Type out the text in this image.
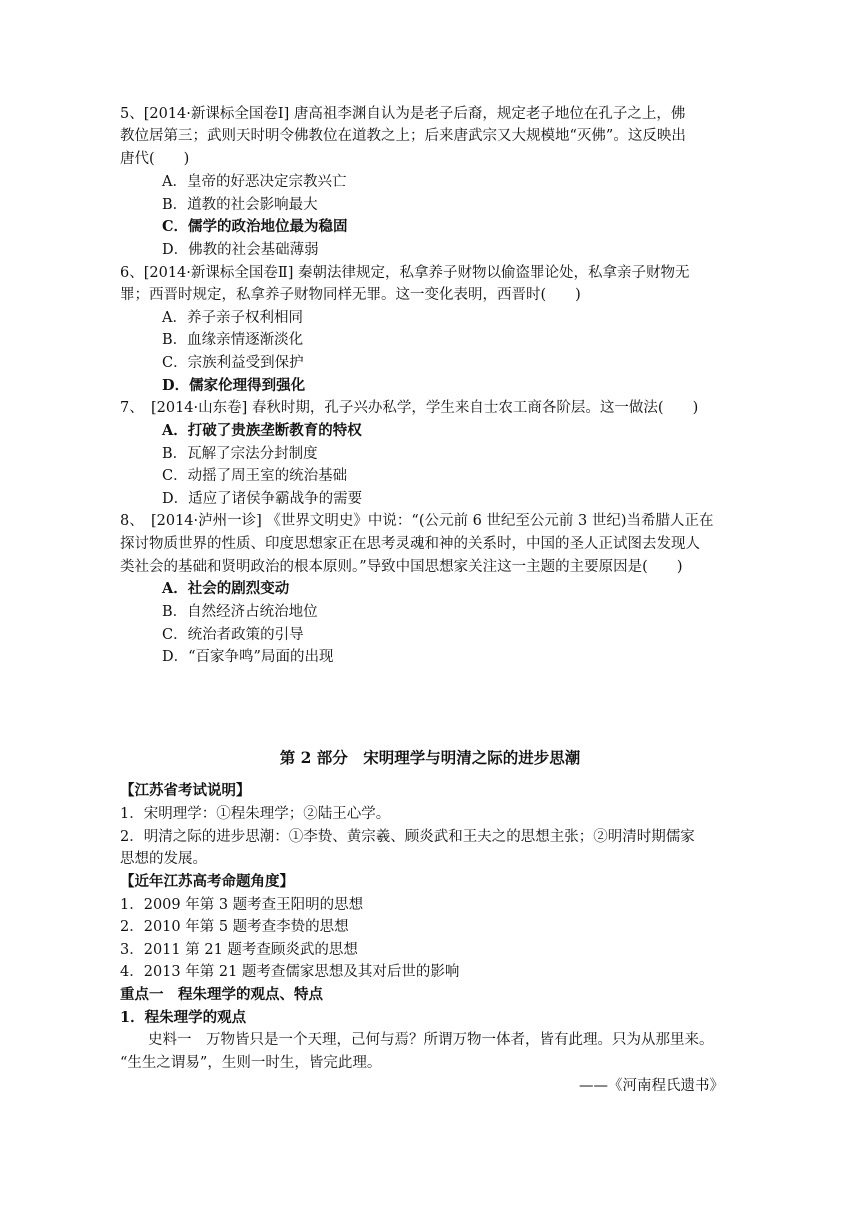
5、[2014·新课标全国卷Ⅰ] 唐高祖李渊自认为是老子后裔，规定老子地位在孔子之上，佛
教位居第三；武则天时明令佛教位在道教之上；后来唐武宗又大规模地“灭佛”。这反映出
唐代(　　)
A．皇帝的好恶决定宗教兴亡
B．道教的社会影响最大
C．儒学的政治地位最为稳固
D．佛教的社会基础薄弱
6、[2014·新课标全国卷Ⅱ] 秦朝法律规定，私拿养子财物以偷盗罪论处，私拿亲子财物无
罪；西晋时规定，私拿养子财物同样无罪。这一变化表明，西晋时(　　)
A．养子亲子权利相同
B．血缘亲情逐渐淡化
C．宗族利益受到保护
D．儒家伦理得到强化
7、　[2014·山东卷] 春秋时期，孔子兴办私学，学生来自士农工商各阶层。这一做法(　　)
A．打破了贵族垄断教育的特权
B．瓦解了宗法分封制度
C．动摇了周王室的统治基础
D．适应了诸侯争霸战争的需要
8、　[2014·泸州一诊] 《世界文明史》中说：“(公元前 6 世纪至公元前 3 世纪)当希腊人正在
探讨物质世界的性质、印度思想家正在思考灵魂和神的关系时，中国的圣人正试图去发现人
类社会的基础和贤明政治的根本原则。”导致中国思想家关注这一主题的主要原因是(　　)
A．社会的剧烈变动
B．自然经济占统治地位
C．统治者政策的引导
D．“百家争鸣”局面的出现
第 2 部分　宋明理学与明清之际的进步思潮
【江苏省考试说明】
1．宋明理学：①程朱理学；②陆王心学。
2．明清之际的进步思潮：①李贽、黄宗羲、顾炎武和王夫之的思想主张；②明清时期儒家
思想的发展。
【近年江苏高考命题角度】
1．2009 年第 3 题考查王阳明的思想
2．2010 年第 5 题考查李贽的思想
3．2011 第 21 题考查顾炎武的思想
4．2013 年第 21 题考查儒家思想及其对后世的影响
重点一　程朱理学的观点、特点
1．程朱理学的观点
史料一　万物皆只是一个天理，己何与焉？所谓万物一体者，皆有此理。只为从那里来。
“生生之谓易”，生则一时生，皆完此理。
——《河南程氏遗书》
